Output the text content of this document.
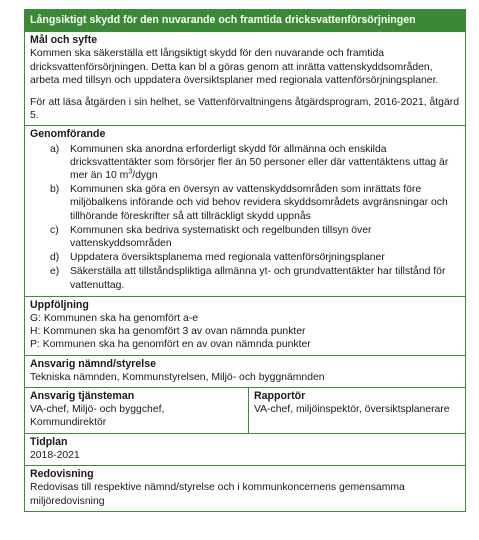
Långsiktigt skydd för den nuvarande och framtida dricksvattenförsörjningen

Mål och syfte
Kommen ska säkerställa ett långsiktigt skydd för den nuvarande och framtida dricksvattenförsörjningen. Detta kan bl a göras genom att inrätta vattenskyddsområden, arbeta med tillsyn och uppdatera översiktsplaner med regionala vattenförsörjningsplaner.
För att läsa åtgärden i sin helhet, se Vattenförvaltningens åtgärdsprogram, 2016-2021, åtgärd 5.

Genomförande
a)	Kommunen ska anordna erforderligt skydd för allmänna och enskilda dricksvattentäkter som försörjer fler än 50 personer eller där vattentäktens uttag är mer än 10 $m^3$/dygn
b)	Kommunen ska göra en översyn av vattenskyddsområden som inrättats före miljöbalkens införande och vid behov revidera skyddsområdets avgränsningar och tillhörande föreskrifter så att tillräckligt skydd uppnås
c)	Kommunen ska bedriva systematiskt och regelbunden tillsyn över vattenskyddsområden
d)	Uppdatera översiktsplanema med regionala vattenförsörjningsplaner
e)	Säkerställa att tillståndspliktiga allmänna yt- och grundvattentäkter har tillstånd för vattenuttag.

Uppföljning
G: Kommunen ska ha genomfört a-e
H: Kommunen ska ha genomfört 3 av ovan nämnda punkter
P: Kommunen ska ha genomfört en av ovan nämnda punkter

Ansvarig nämnd/styrelse
Tekniska nämnden, Kommunstyrelsen, Miljö- och byggnämnden

Ansvarig tjänsteman
VA-chef, Miljö- och byggchef,
Kommundirektör

Rapportör
VA-chef, miljöinspektör, översiktsplanerare

Tidplan
2018-2021

Redovisning
Redovisas till respektive nämnd/styrelse och i kommunkoncernens gemensamma miljöredovisning
